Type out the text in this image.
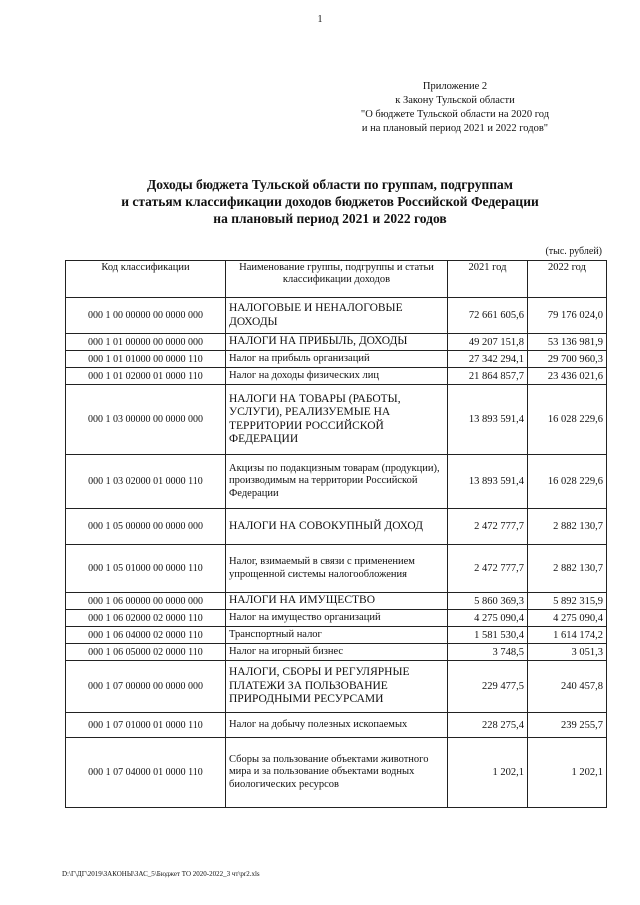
1
Приложение 2
к Закону Тульской области
"О бюджете Тульской области на 2020 год
и на плановый период 2021 и 2022 годов"
Доходы бюджета Тульской области по группам, подгруппам
и статьям классификации доходов бюджетов Российской Федерации
на плановый период 2021 и 2022 годов
(тыс. рублей)
Код классификации	Наименование группы, подгруппы и статьи классификации доходов	2021 год	2022 год
000 1 00 00000 00 0000 000	НАЛОГОВЫЕ И НЕНАЛОГОВЫЕ ДОХОДЫ	72 661 605,6	79 176 024,0
000 1 01 00000 00 0000 000	НАЛОГИ НА ПРИБЫЛЬ, ДОХОДЫ	49 207 151,8	53 136 981,9
000 1 01 01000 00 0000 110	Налог на прибыль организаций	27 342 294,1	29 700 960,3
000 1 01 02000 01 0000 110	Налог на доходы физических лиц	21 864 857,7	23 436 021,6
000 1 03 00000 00 0000 000	НАЛОГИ НА ТОВАРЫ (РАБОТЫ, УСЛУГИ), РЕАЛИЗУЕМЫЕ НА ТЕРРИТОРИИ РОССИЙСКОЙ ФЕДЕРАЦИИ	13 893 591,4	16 028 229,6
000 1 03 02000 01 0000 110	Акцизы по подакцизным товарам (продукции), производимым на территории Российской Федерации	13 893 591,4	16 028 229,6
000 1 05 00000 00 0000 000	НАЛОГИ НА СОВОКУПНЫЙ ДОХОД	2 472 777,7	2 882 130,7
000 1 05 01000 00 0000 110	Налог, взимаемый в связи с применением упрощенной системы налогообложения	2 472 777,7	2 882 130,7
000 1 06 00000 00 0000 000	НАЛОГИ НА ИМУЩЕСТВО	5 860 369,3	5 892 315,9
000 1 06 02000 02 0000 110	Налог на имущество организаций	4 275 090,4	4 275 090,4
000 1 06 04000 02 0000 110	Транспортный налог	1 581 530,4	1 614 174,2
000 1 06 05000 02 0000 110	Налог на игорный бизнес	3 748,5	3 051,3
000 1 07 00000 00 0000 000	НАЛОГИ, СБОРЫ И РЕГУЛЯРНЫЕ ПЛАТЕЖИ ЗА ПОЛЬЗОВАНИЕ ПРИРОДНЫМИ РЕСУРСАМИ	229 477,5	240 457,8
000 1 07 01000 01 0000 110	Налог на добычу полезных ископаемых	228 275,4	239 255,7
000 1 07 04000 01 0000 110	Сборы за пользование объектами животного мира и за пользование объектами водных биологических ресурсов	1 202,1	1 202,1
D:\Г\ДГ\2019\ЗАКОНЫ\ЗАС_5\Бюджет ТО 2020-2022_3 чт\pr2.xls
